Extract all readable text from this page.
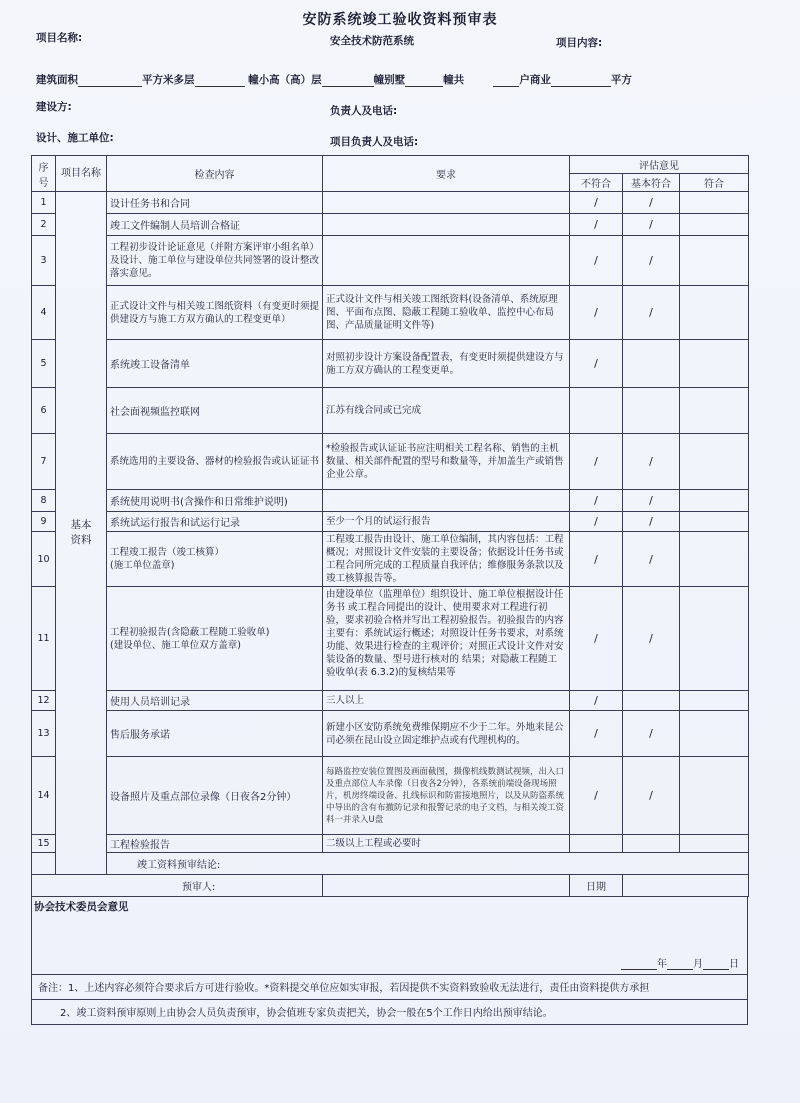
安防系统竣工验收资料预审表
项目名称:	安全技术防范系统	项目内容:
建筑面积	平方米多层	幢小高（高）层	幢别墅	幢共	户商业	平方
建设方:	负责人及电话:
设计、施工单位:	项目负责人及电话:
序号	项目名称	检查内容	要求	评估意见		
				不符合	基本符合	符合
1	基本资料	设计任务书和合同		/	/	
2		竣工文件编制人员培训合格证		/	/	
3		工程初步设计论证意见（并附方案评审小组名单）及设计、施工单位与建设单位共同签署的设计整改落实意见。		/	/	
4		正式设计文件与相关竣工图纸资料（有变更时须提供建设方与施工方双方确认的工程变更单）	正式设计文件与相关竣工图纸资料(设备清单、系统原理图、平面布点图、隐蔽工程随工验收单、监控中心布局图、产品质量证明文件等)	/	/	
5		系统竣工设备清单	对照初步设计方案设备配置表，有变更时须提供建设方与施工方双方确认的工程变更单。	/		
6		社会面视频监控联网	江苏有线合同或已完成			
7		系统选用的主要设备、器材的检验报告或认证证书	*检验报告或认证证书应注明相关工程名称、销售的主机数量、相关部件配置的型号和数量等，并加盖生产或销售企业公章。	/	/	
8		系统使用说明书(含操作和日常维护说明)		/	/	
9		系统试运行报告和试运行记录	至少一个月的试运行报告	/	/	
10		工程竣工报告（竣工核算）
(施工单位盖章)	工程竣工报告由设计、施工单位编制，其内容包括：工程概况；对照设计文件安装的主要设备；依据设计任务书或工程合同所完成的工程质量自我评估；维修服务条款以及竣工核算报告等。	/	/	
11		工程初验报告(含隐蔽工程随工验收单)
(建设单位、施工单位双方盖章)	由建设单位（监理单位）组织设计、施工单位根据设计任务书 或工程合同提出的设计、使用要求对工程进行初验，要求初验合格并写出工程初验报告。初验报告的内容主要有：系统试运行概述；对照设计任务书要求，对系统功能、效果进行检查的主观评价；对照正式设计文件对安装设备的数量、型号进行核对的 结果；对隐蔽工程随工验收单(表 6.3.2)的复核结果等	/	/	
12		使用人员培训记录	三人以上	/		
13		售后服务承诺	新建小区安防系统免费维保期应不少于二年。外地来昆公司必须在昆山设立固定维护点或有代理机构的。	/	/	
14		设备照片及重点部位录像（日夜各2分钟）	每路监控安装位置图及画面截图，摄像机线数测试视频，出入口及重点部位人车录像（日夜各2分钟），各系统前端设备现场照片，机房终端设备、扎线标识和防雷接地照片，以及从防盗系统中导出的含有布撤防记录和报警记录的电子文档，与相关竣工资料一并录入U盘	/	/	
15		工程检验报告	二级以上工程或必要时			
		竣工资料预审结论:				
预审人:				日期		
协会技术委员会意见
年	月	日
备注：1、上述内容必须符合要求后方可进行验收。*资料提交单位应如实审报，若因提供不实资料致验收无法进行，责任由资料提供方承担
2、竣工资料预审原则上由协会人员负责预审，协会值班专家负责把关，协会一般在5个工作日内给出预审结论。
